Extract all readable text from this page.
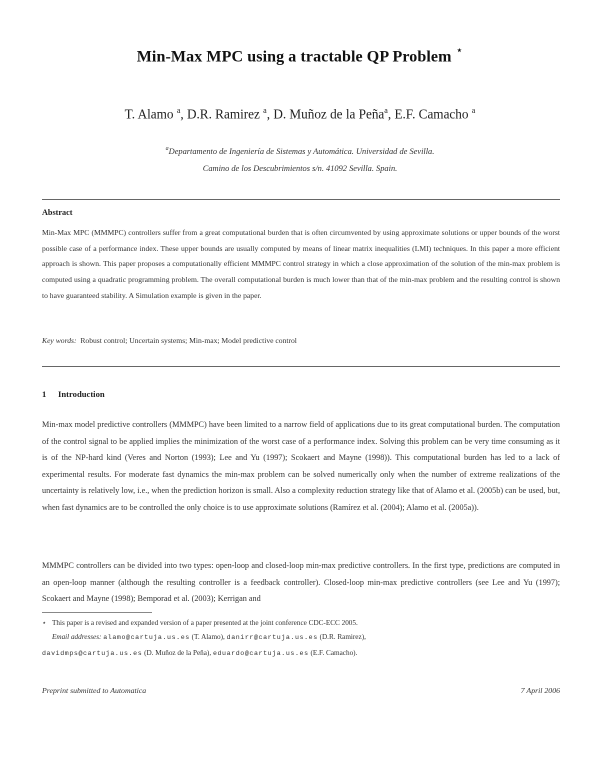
Min-Max MPC using a tractable QP Problem ⋆
T. Alamo $^a$, D.R. Ramirez $^a$, D. Muñoz de la Peña$^a$, E.F. Camacho $^a$
$^a$Departamento de Ingeniería de Sistemas y Automática. Universidad de Sevilla.
Camino de los Descubrimientos s/n. 41092 Sevilla. Spain.
Abstract
Min-Max MPC (MMMPC) controllers suffer from a great computational burden that is often circumvented by using approximate solutions or upper bounds of the worst possible case of a performance index. These upper bounds are usually computed by means of linear matrix inequalities (LMI) techniques. In this paper a more efficient approach is shown. This paper proposes a computationally efficient MMMPC control strategy in which a close approximation of the solution of the min-max problem is computed using a quadratic programming problem. The overall computational burden is much lower than that of the min-max problem and the resulting control is shown to have guaranteed stability. A Simulation example is given in the paper.
Key words: Robust control; Uncertain systems; Min-max; Model predictive control
1 Introduction
Min-max model predictive controllers (MMMPC) have been limited to a narrow field of applications due to its great computational burden. The computation of the control signal to be applied implies the minimization of the worst case of a performance index. Solving this problem can be very time consuming as it is of the NP-hard kind (Veres and Norton (1993); Lee and Yu (1997); Scokaert and Mayne (1998)). This computational burden has led to a lack of experimental results. For moderate fast dynamics the min-max problem can be solved numerically only when the number of extreme realizations of the uncertainty is relatively low, i.e., when the prediction horizon is small. Also a complexity reduction strategy like that of Alamo et al. (2005b) can be used, but, when fast dynamics are to be controlled the only choice is to use approximate solutions (Ramírez et al. (2004); Alamo et al. (2005a)).
MMMPC controllers can be divided into two types: open-loop and closed-loop min-max predictive controllers. In the first type, predictions are computed in an open-loop manner (although the resulting controller is a feedback controller). Closed-loop min-max predictive controllers (see Lee and Yu (1997); Scokaert and Mayne (1998); Bemporad et al. (2003); Kerrigan and
⋆ This paper is a revised and expanded version of a paper presented at the joint conference CDC-ECC 2005.
Email addresses: alamo@cartuja.us.es (T. Alamo), danirr@cartuja.us.es (D.R. Ramirez),
davidmps@cartuja.us.es (D. Muñoz de la Peña), eduardo@cartuja.us.es (E.F. Camacho).
Preprint submitted to Automatica	7 April 2006
